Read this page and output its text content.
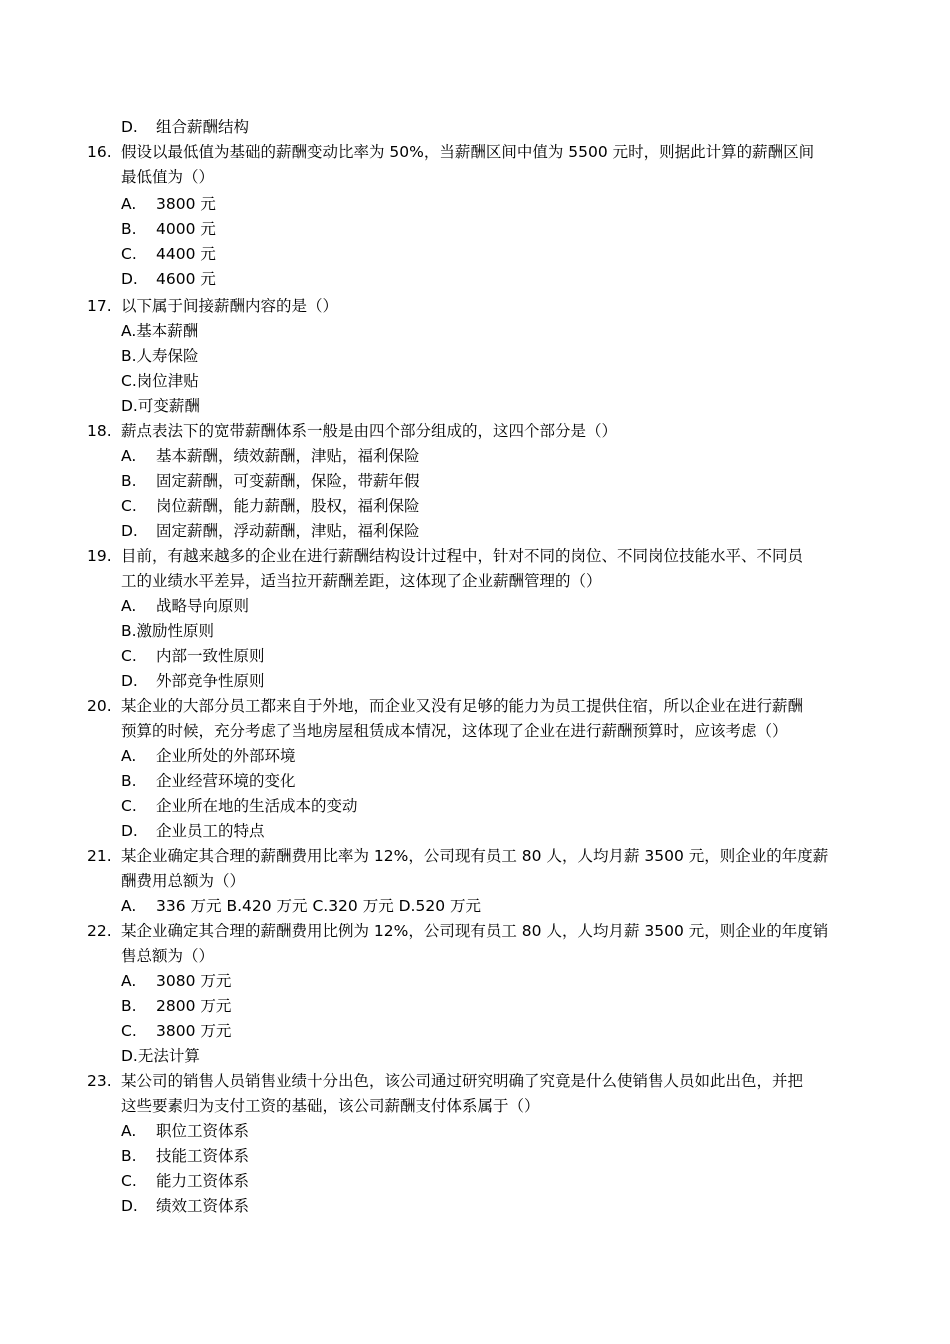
D. 组合薪酬结构
16. 假设以最低值为基础的薪酬变动比率为 50%，当薪酬区间中值为 5500 元时，则据此计算的薪酬区间
最低值为（）
A. 3800 元
B. 4000 元
C. 4400 元
D. 4600 元
17. 以下属于间接薪酬内容的是（）
A.基本薪酬
B.人寿保险
C.岗位津贴
D.可变薪酬
18. 薪点表法下的宽带薪酬体系一般是由四个部分组成的，这四个部分是（）
A. 基本薪酬，绩效薪酬，津贴，福利保险
B. 固定薪酬，可变薪酬，保险，带薪年假
C. 岗位薪酬，能力薪酬，股权，福利保险
D. 固定薪酬，浮动薪酬，津贴，福利保险
19. 目前，有越来越多的企业在进行薪酬结构设计过程中，针对不同的岗位、不同岗位技能水平、不同员
工的业绩水平差异，适当拉开薪酬差距，这体现了企业薪酬管理的（）
A. 战略导向原则
B.激励性原则
C. 内部一致性原则
D. 外部竞争性原则
20. 某企业的大部分员工都来自于外地，而企业又没有足够的能力为员工提供住宿，所以企业在进行薪酬
预算的时候，充分考虑了当地房屋租赁成本情况，这体现了企业在进行薪酬预算时，应该考虑（）
A. 企业所处的外部环境
B. 企业经营环境的变化
C. 企业所在地的生活成本的变动
D. 企业员工的特点
21. 某企业确定其合理的薪酬费用比率为 12%，公司现有员工 80 人，人均月薪 3500 元，则企业的年度薪
酬费用总额为（）
A. 336 万元 B.420 万元 C.320 万元 D.520 万元
22. 某企业确定其合理的薪酬费用比例为 12%，公司现有员工 80 人，人均月薪 3500 元，则企业的年度销
售总额为（）
A. 3080 万元
B. 2800 万元
C. 3800 万元
D.无法计算
23. 某公司的销售人员销售业绩十分出色，该公司通过研究明确了究竟是什么使销售人员如此出色，并把
这些要素归为支付工资的基础，该公司薪酬支付体系属于（）
A. 职位工资体系
B. 技能工资体系
C. 能力工资体系
D. 绩效工资体系
